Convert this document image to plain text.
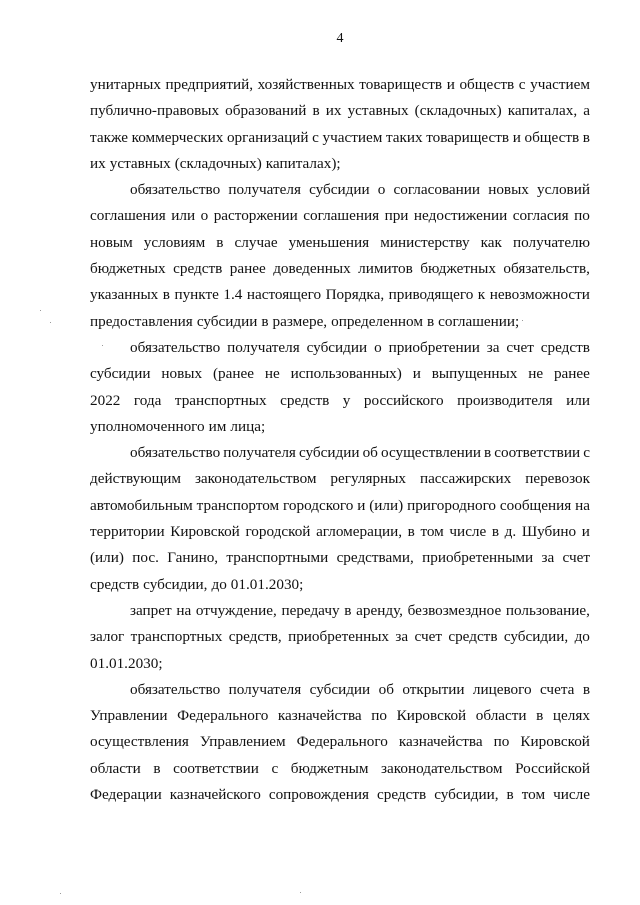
4
унитарных предприятий, хозяйственных товариществ и обществ с участием
публично-правовых образований в их уставных (складочных) капиталах, а
также коммерческих организаций с участием таких товариществ и обществ в
их уставных (складочных) капиталах);
обязательство получателя субсидии о согласовании новых условий
соглашения или о расторжении соглашения при недостижении согласия по
новым условиям в случае уменьшения министерству как получателю
бюджетных средств ранее доведенных лимитов бюджетных обязательств,
указанных в пункте 1.4 настоящего Порядка, приводящего к невозможности
предоставления субсидии в размере, определенном в соглашении;
обязательство получателя субсидии о приобретении за счет средств
субсидии новых (ранее не использованных) и выпущенных не ранее
2022 года транспортных средств у российского производителя или
уполномоченного им лица;
обязательство получателя субсидии об осуществлении в соответствии с
действующим законодательством регулярных пассажирских перевозок
автомобильным транспортом городского и (или) пригородного сообщения на
территории Кировской городской агломерации, в том числе в д. Шубино и
(или) пос. Ганино, транспортными средствами, приобретенными за счет
средств субсидии, до 01.01.2030;
запрет на отчуждение, передачу в аренду, безвозмездное пользование,
залог транспортных средств, приобретенных за счет средств субсидии, до
01.01.2030;
обязательство получателя субсидии об открытии лицевого счета в
Управлении Федерального казначейства по Кировской области в целях
осуществления Управлением Федерального казначейства по Кировской
области в соответствии с бюджетным законодательством Российской
Федерации казначейского сопровождения средств субсидии, в том числе
